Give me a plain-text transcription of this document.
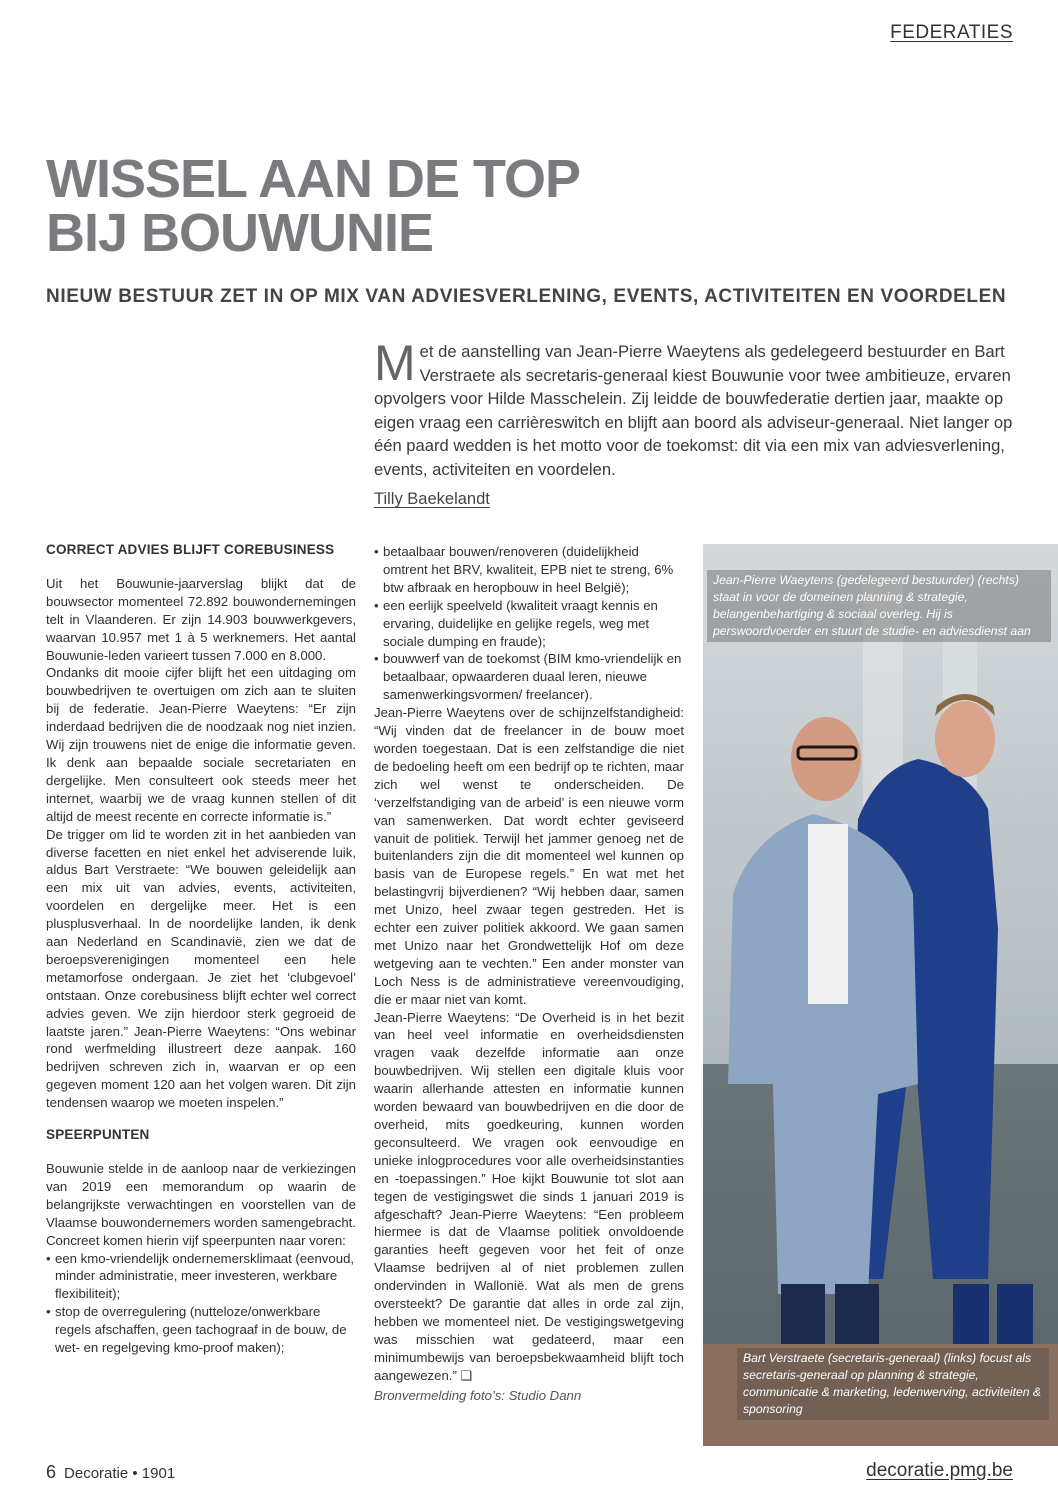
FEDERATIES
WISSEL AAN DE TOP
BIJ BOUWUNIE
NIEUW BESTUUR ZET IN OP MIX VAN ADVIESVERLENING, EVENTS, ACTIVITEITEN EN VOORDELEN
Met de aanstelling van Jean-Pierre Waeytens als gedelegeerd bestuurder en Bart Verstraete als secretaris-generaal kiest Bouwunie voor twee ambitieuze, ervaren opvolgers voor Hilde Masschelein. Zij leidde de bouwfederatie dertien jaar, maakte op eigen vraag een carrièreswitch en blijft aan boord als adviseur-generaal. Niet langer op één paard wedden is het motto voor de toekomst: dit via een mix van adviesverlening, events, activiteiten en voordelen.
Tilly Baekelandt
CORRECT ADVIES BLIJFT COREBUSINESS

Uit het Bouwunie-jaarverslag blijkt dat de bouwsector momenteel 72.892 bouwondernemingen telt in Vlaanderen. Er zijn 14.903 bouwwerkgevers, waarvan 10.957 met 1 à 5 werknemers. Het aantal Bouwunie-leden varieert tussen 7.000 en 8.000.

Ondanks dit mooie cijfer blijft het een uitdaging om bouwbedrijven te overtuigen om zich aan te sluiten bij de federatie. Jean-Pierre Waeytens: “Er zijn inderdaad bedrijven die de noodzaak nog niet inzien. Wij zijn trouwens niet de enige die informatie geven. Ik denk aan bepaalde sociale secretariaten en dergelijke. Men consulteert ook steeds meer het internet, waarbij we de vraag kunnen stellen of dit altijd de meest recente en correcte informatie is.”

De trigger om lid te worden zit in het aanbieden van diverse facetten en niet enkel het adviserende luik, aldus Bart Verstraete: “We bouwen geleidelijk aan een mix uit van advies, events, activiteiten, voordelen en dergelijke meer. Het is een plusplusverhaal. In de noordelijke landen, ik denk aan Nederland en Scandinavië, zien we dat de beroepsverenigingen momenteel een hele metamorfose ondergaan. Je ziet het ‘clubgevoel’ ontstaan. Onze corebusiness blijft echter wel correct advies geven. We zijn hierdoor sterk gegroeid de laatste jaren.” Jean-Pierre Waeytens: “Ons webinar rond werfmelding illustreert deze aanpak. 160 bedrijven schreven zich in, waarvan er op een gegeven moment 120 aan het volgen waren. Dit zijn tendensen waarop we moeten inspelen.”

SPEERPUNTEN

Bouwunie stelde in de aanloop naar de verkiezingen van 2019 een memorandum op waarin de belangrijkste verwachtingen en voorstellen van de Vlaamse bouwondernemers worden samengebracht. Concreet komen hierin vijf speerpunten naar voren:

• een kmo-vriendelijk ondernemersklimaat (eenvoud, minder administratie, meer investeren, werkbare flexibiliteit);
• stop de overregulering (nutteloze/onwerkbare regels afschaffen, geen tachograaf in de bouw, de wet- en regelgeving kmo-proof maken);
• betaalbaar bouwen/renoveren (duidelijkheid omtrent het BRV, kwaliteit, EPB niet te streng, 6% btw afbraak en heropbouw in heel België);
• een eerlijk speelveld (kwaliteit vraagt kennis en ervaring, duidelijke en gelijke regels, weg met sociale dumping en fraude);
• bouwwerf van de toekomst (BIM kmo-vriendelijk en betaalbaar, opwaarderen duaal leren, nieuwe samenwerkingsvormen/ freelancer).

Jean-Pierre Waeytens over de schijnzelfstandigheid: “Wij vinden dat de freelancer in de bouw moet worden toegestaan. Dat is een zelfstandige die niet de bedoeling heeft om een bedrijf op te richten, maar zich wel wenst te onderscheiden. De ‘verzelfstandiging van de arbeid’ is een nieuwe vorm van samenwerken. Dat wordt echter geviseerd vanuit de politiek. Terwijl het jammer genoeg net de buitenlanders zijn die dit momenteel wel kunnen op basis van de Europese regels.” En wat met het belastingvrij bijverdienen? “Wij hebben daar, samen met Unizo, heel zwaar tegen gestreden. Het is echter een zuiver politiek akkoord. We gaan samen met Unizo naar het Grondwettelijk Hof om deze wetgeving aan te vechten.” Een ander monster van Loch Ness is de administratieve vereenvoudiging, die er maar niet van komt.

Jean-Pierre Waeytens: “De Overheid is in het bezit van heel veel informatie en overheidsdiensten vragen vaak dezelfde informatie aan onze bouwbedrijven. Wij stellen een digitale kluis voor waarin allerhande attesten en informatie kunnen worden bewaard van bouwbedrijven en die door de overheid, mits goedkeuring, kunnen worden geconsulteerd. We vragen ook eenvoudige en unieke inlogprocedures voor alle overheidsinstanties en -toepassingen.” Hoe kijkt Bouwunie tot slot aan tegen de vestigingswet die sinds 1 januari 2019 is afgeschaft? Jean-Pierre Waeytens: “Een probleem hiermee is dat de Vlaamse politiek onvoldoende garanties heeft gegeven voor het feit of onze Vlaamse bedrijven al of niet problemen zullen ondervinden in Wallonië. Wat als men de grens oversteekt? De garantie dat alles in orde zal zijn, hebben we momenteel niet. De vestigingswetgeving was misschien wat gedateerd, maar een minimumbewijs van beroepsbekwaamheid blijft toch aangewezen.” ❑

Bronvermelding foto’s: Studio Dann
Jean-Pierre Waeytens (gedelegeerd bestuurder) (rechts) staat in voor de domeinen planning & strategie, belangenbehartiging & sociaal overleg. Hij is perswoordvoerder en stuurt de studie- en adviesdienst aan
Bart Verstraete (secretaris-generaal) (links) focust als secretaris-generaal op planning & strategie, communicatie & marketing, ledenwerving, activiteiten & sponsoring
6 Decoratie • 1901	decoratie.pmg.be
